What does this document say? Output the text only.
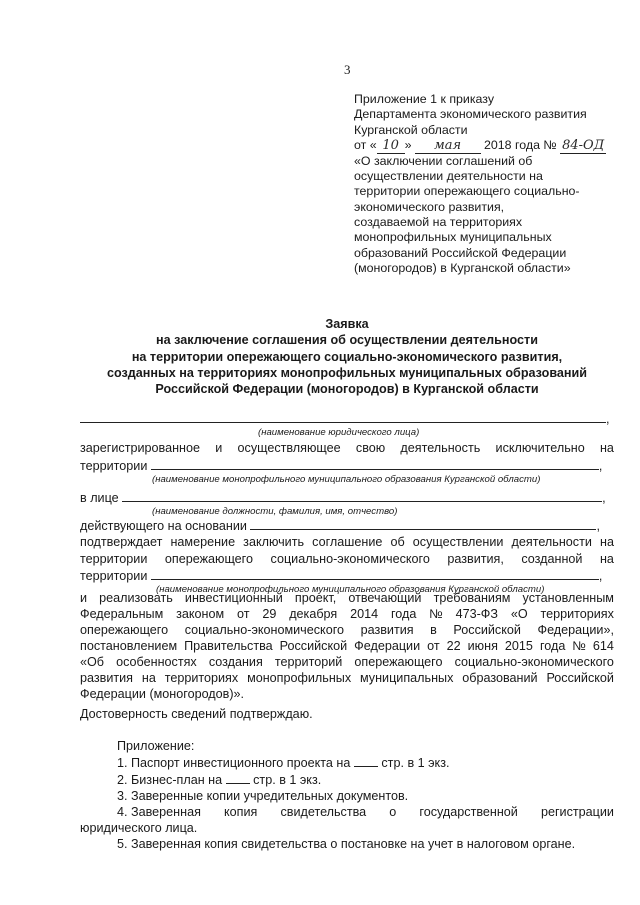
3
Приложение 1 к приказу
Департамента экономического развития
Курганской области
от « 10 » мая 2018 года № 84-ОД
«О заключении соглашений об
осуществлении деятельности на
территории опережающего социально-
экономического развития,
создаваемой на территориях
монопрофильных муниципальных
образований Российской Федерации
(моногородов) в Курганской области»
Заявка
на заключение соглашения об осуществлении деятельности
на территории опережающего социально-экономического развития,
созданных на территориях монопрофильных муниципальных образований
Российской Федерации (моногородов) в Курганской области
,
(наименование юридического лица)
зарегистрированное и осуществляющее свою деятельность исключительно на
территории	,
(наименование монопрофильного муниципального образования Курганской области)
в лице	,
(наименование должности, фамилия, имя, отчество)
действующего на основании	,
подтверждает намерение заключить соглашение об осуществлении деятельности на
территории опережающего социально-экономического развития, созданной на
территории	,
(наименование монопрофильного муниципального образования Курганской области)
и реализовать инвестиционный проект, отвечающий требованиям установленным
Федеральным законом от 29 декабря 2014 года № 473-ФЗ «О территориях
опережающего социально-экономического развития в Российской Федерации»,
постановлением Правительства Российской Федерации от 22 июня 2015 года № 614
«Об особенностях создания территорий опережающего социально-экономического
развития на территориях монопрофильных муниципальных образований Российской
Федерации (моногородов)».
Достоверность сведений подтверждаю.
Приложение:
1. Паспорт инвестиционного проекта на стр. в 1 экз.
2. Бизнес-план на стр. в 1 экз.
3. Заверенные копии учредительных документов.
4. Заверенная копия свидетельства о государственной регистрации
юридического лица.
5. Заверенная копия свидетельства о постановке на учет в налоговом органе.
